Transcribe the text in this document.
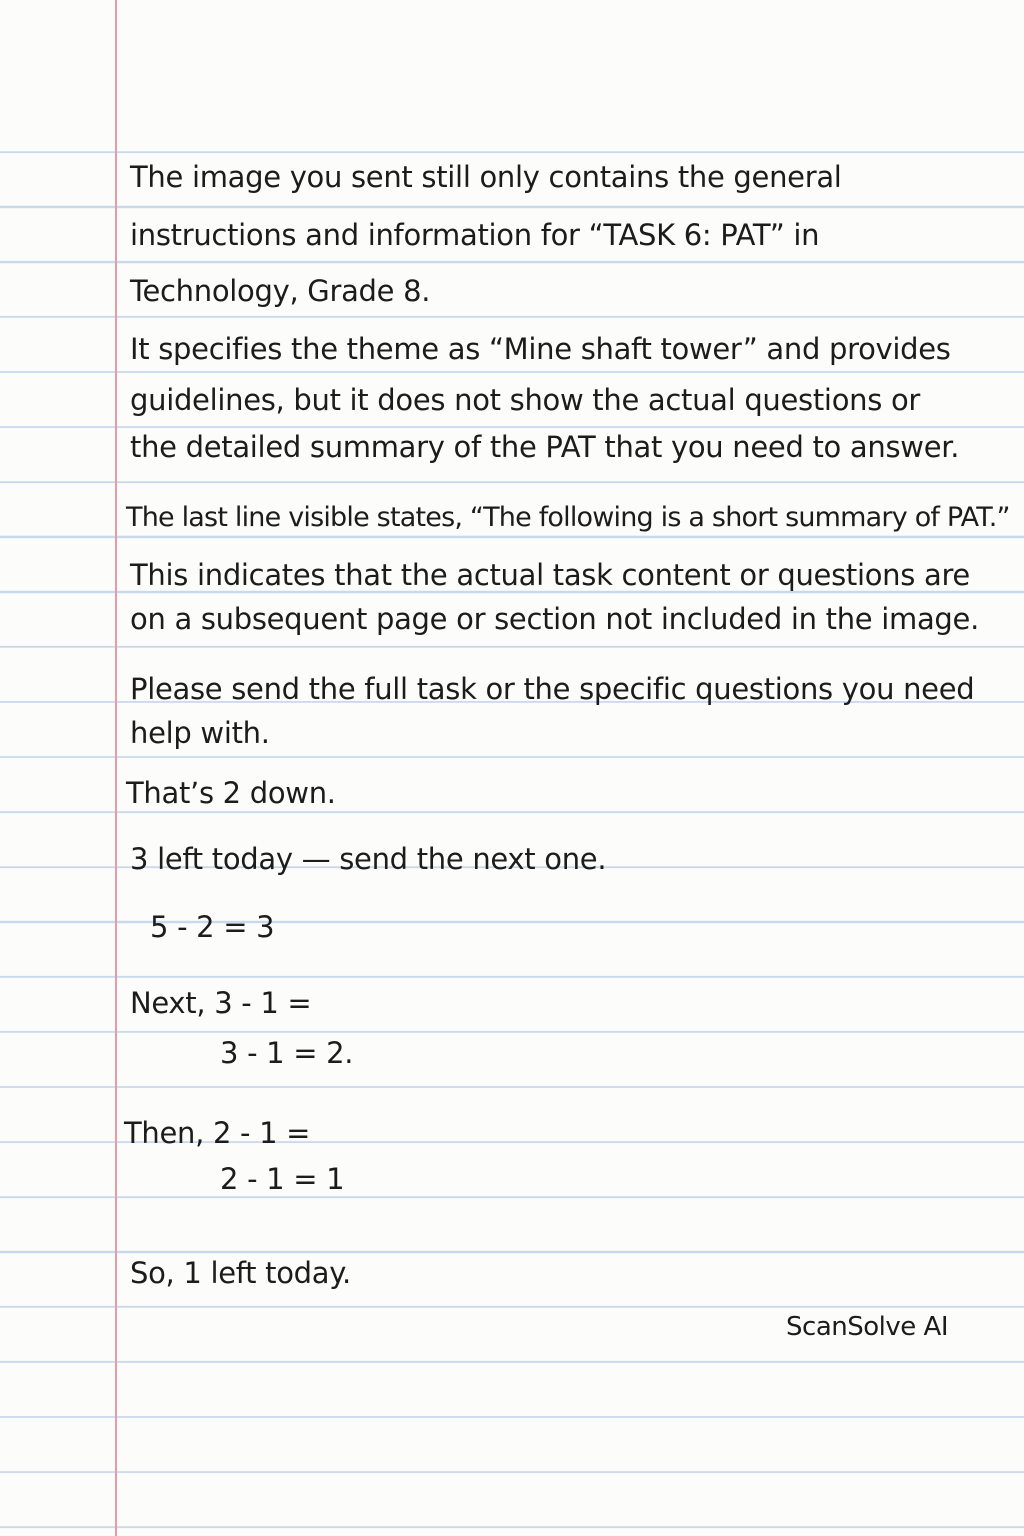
The image you sent still only contains the general

instructions and information for “TASK 6: PAT” in

Technology, Grade 8.

It specifies the theme as “Mine shaft tower” and provides

guidelines, but it does not show the actual questions or

the detailed summary of the PAT that you need to answer.

The last line visible states, “The following is a short summary of PAT.”

This indicates that the actual task content or questions are

on a subsequent page or section not included in the image.

Please send the full task or the specific questions you need

help with.

That’s 2 down.

3 left today — send the next one.

5 - 2 = 3

Next, 3 - 1 =

3 - 1 = 2.

Then, 2 - 1 =

2 - 1 = 1

So, 1 left today.

ScanSolve AI
